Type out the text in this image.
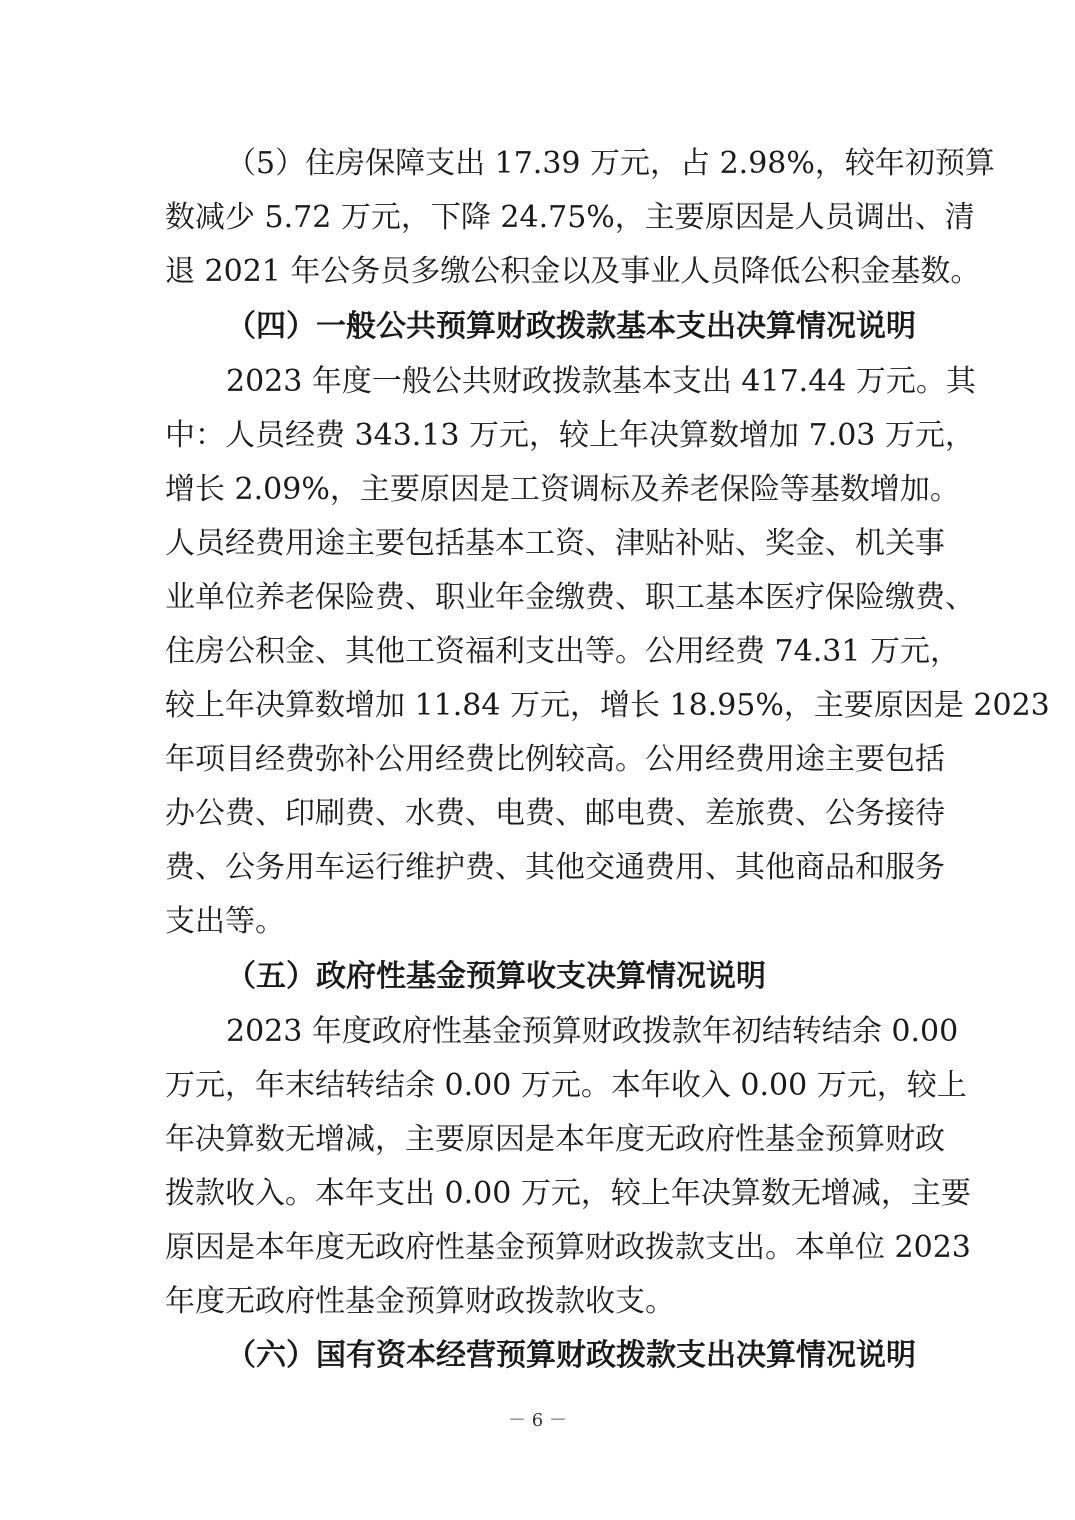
（5）住房保障支出 17.39 万元，占 2.98%，较年初预算
数减少 5.72 万元，下降 24.75%，主要原因是人员调出、清
退 2021 年公务员多缴公积金以及事业人员降低公积金基数。
（四）一般公共预算财政拨款基本支出决算情况说明
2023 年度一般公共财政拨款基本支出 417.44 万元。其
中：人员经费 343.13 万元，较上年决算数增加 7.03 万元，
增长 2.09%，主要原因是工资调标及养老保险等基数增加。
人员经费用途主要包括基本工资、津贴补贴、奖金、机关事
业单位养老保险费、职业年金缴费、职工基本医疗保险缴费、
住房公积金、其他工资福利支出等。公用经费 74.31 万元，
较上年决算数增加 11.84 万元，增长 18.95%，主要原因是 2023
年项目经费弥补公用经费比例较高。公用经费用途主要包括
办公费、印刷费、水费、电费、邮电费、差旅费、公务接待
费、公务用车运行维护费、其他交通费用、其他商品和服务
支出等。
（五）政府性基金预算收支决算情况说明
2023 年度政府性基金预算财政拨款年初结转结余 0.00
万元，年末结转结余 0.00 万元。本年收入 0.00 万元，较上
年决算数无增减，主要原因是本年度无政府性基金预算财政
拨款收入。本年支出 0.00 万元，较上年决算数无增减，主要
原因是本年度无政府性基金预算财政拨款支出。本单位 2023
年度无政府性基金预算财政拨款收支。
（六）国有资本经营预算财政拨款支出决算情况说明
－ 6 －
